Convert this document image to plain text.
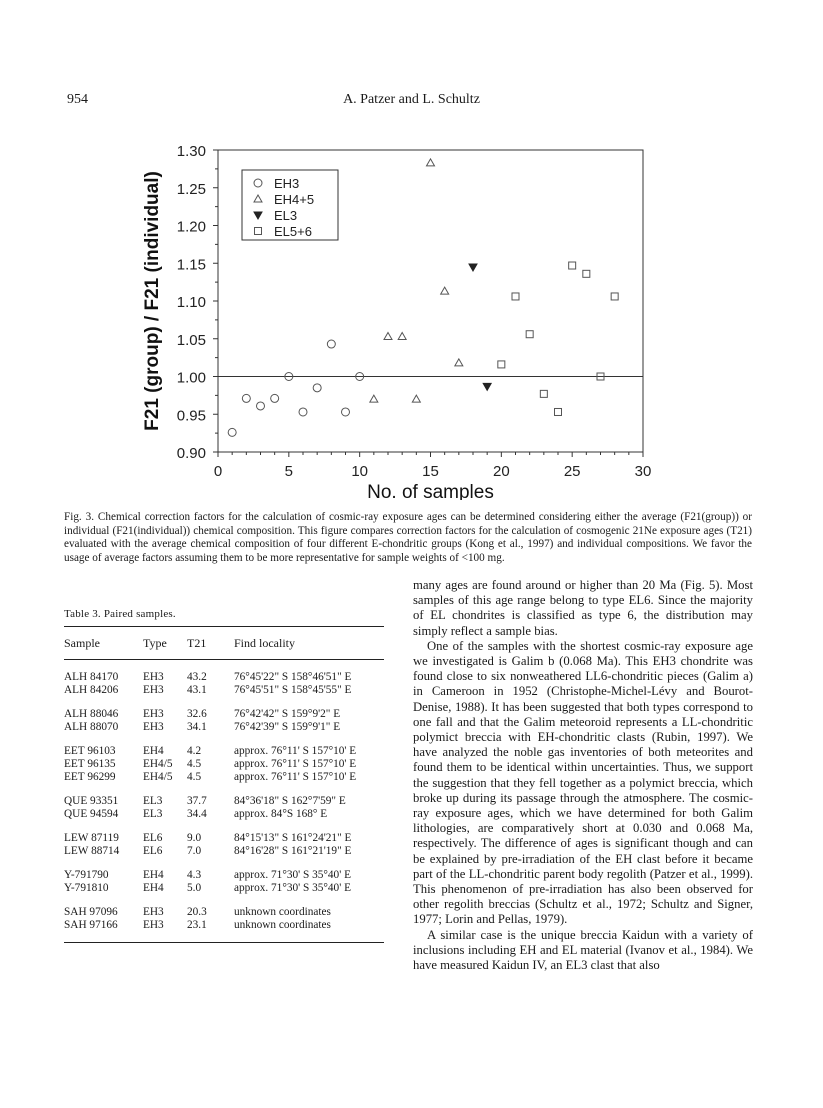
954	A. Patzer and L. Schultz
0.90
0.95
1.00
1.05
1.10
1.15
1.20
1.25
1.30
0	5	10	15	20	25	30
No. of samples
F21 (group) / F21 (individual)	EH3
EH4+5
EL3
EL5+6
Fig. 3. Chemical correction factors for the calculation of cosmic-ray exposure ages can be determined considering either the average (F21(group)) or individual (F21(individual)) chemical composition. This figure compares correction factors for the calculation of cosmogenic 21Ne exposure ages (T21) evaluated with the average chemical composition of four different E-chondritic groups (Kong et al., 1997) and individual compositions. We favor the usage of average factors assuming them to be more representative for sample weights of <100 mg.
Table 3. Paired samples.
Sample	Type	T21	Find locality
ALH 84170	EH3	43.2	76°45'22" S 158°46'51" E
ALH 84206	EH3	43.1	76°45'51" S 158°45'55" E
ALH 88046	EH3	32.6	76°42'42" S 159°9'2" E
ALH 88070	EH3	34.1	76°42'39" S 159°9'1" E
EET 96103	EH4	4.2	approx. 76°11' S 157°10' E
EET 96135	EH4/5	4.5	approx. 76°11' S 157°10' E
EET 96299	EH4/5	4.5	approx. 76°11' S 157°10' E
QUE 93351	EL3	37.7	84°36'18" S 162°7'59" E
QUE 94594	EL3	34.4	approx. 84°S 168° E
LEW 87119	EL6	9.0	84°15'13" S 161°24'21" E
LEW 88714	EL6	7.0	84°16'28" S 161°21'19" E
Y-791790	EH4	4.3	approx. 71°30' S 35°40' E
Y-791810	EH4	5.0	approx. 71°30' S 35°40' E
SAH 97096	EH3	20.3	unknown coordinates
SAH 97166	EH3	23.1	unknown coordinates

many ages are found around or higher than 20 Ma (Fig. 5). Most samples of this age range belong to type EL6. Since the majority of EL chondrites is classified as type 6, the distribution may simply reflect a sample bias.

One of the samples with the shortest cosmic-ray exposure age we investigated is Galim b (0.068 Ma). This EH3 chondrite was found close to six nonweathered LL6-chondritic pieces (Galim a) in Cameroon in 1952 (Christophe-Michel-Lévy and Bourot-Denise, 1988). It has been suggested that both types correspond to one fall and that the Galim meteoroid represents a LL-chondritic polymict breccia with EH-chondritic clasts (Rubin, 1997). We have analyzed the noble gas inventories of both meteorites and found them to be identical within uncertainties. Thus, we support the suggestion that they fell together as a polymict breccia, which broke up during its passage through the atmosphere. The cosmic-ray exposure ages, which we have determined for both Galim lithologies, are comparatively short at 0.030 and 0.068 Ma, respectively. The difference of ages is significant though and can be explained by pre-irradiation of the EH clast before it became part of the LL-chondritic parent body regolith (Patzer et al., 1999). This phenomenon of pre-irradiation has also been observed for other regolith breccias (Schultz et al., 1972; Schultz and Signer, 1977; Lorin and Pellas, 1979).

A similar case is the unique breccia Kaidun with a variety of inclusions including EH and EL material (Ivanov et al., 1984). We have measured Kaidun IV, an EL3 clast that also
